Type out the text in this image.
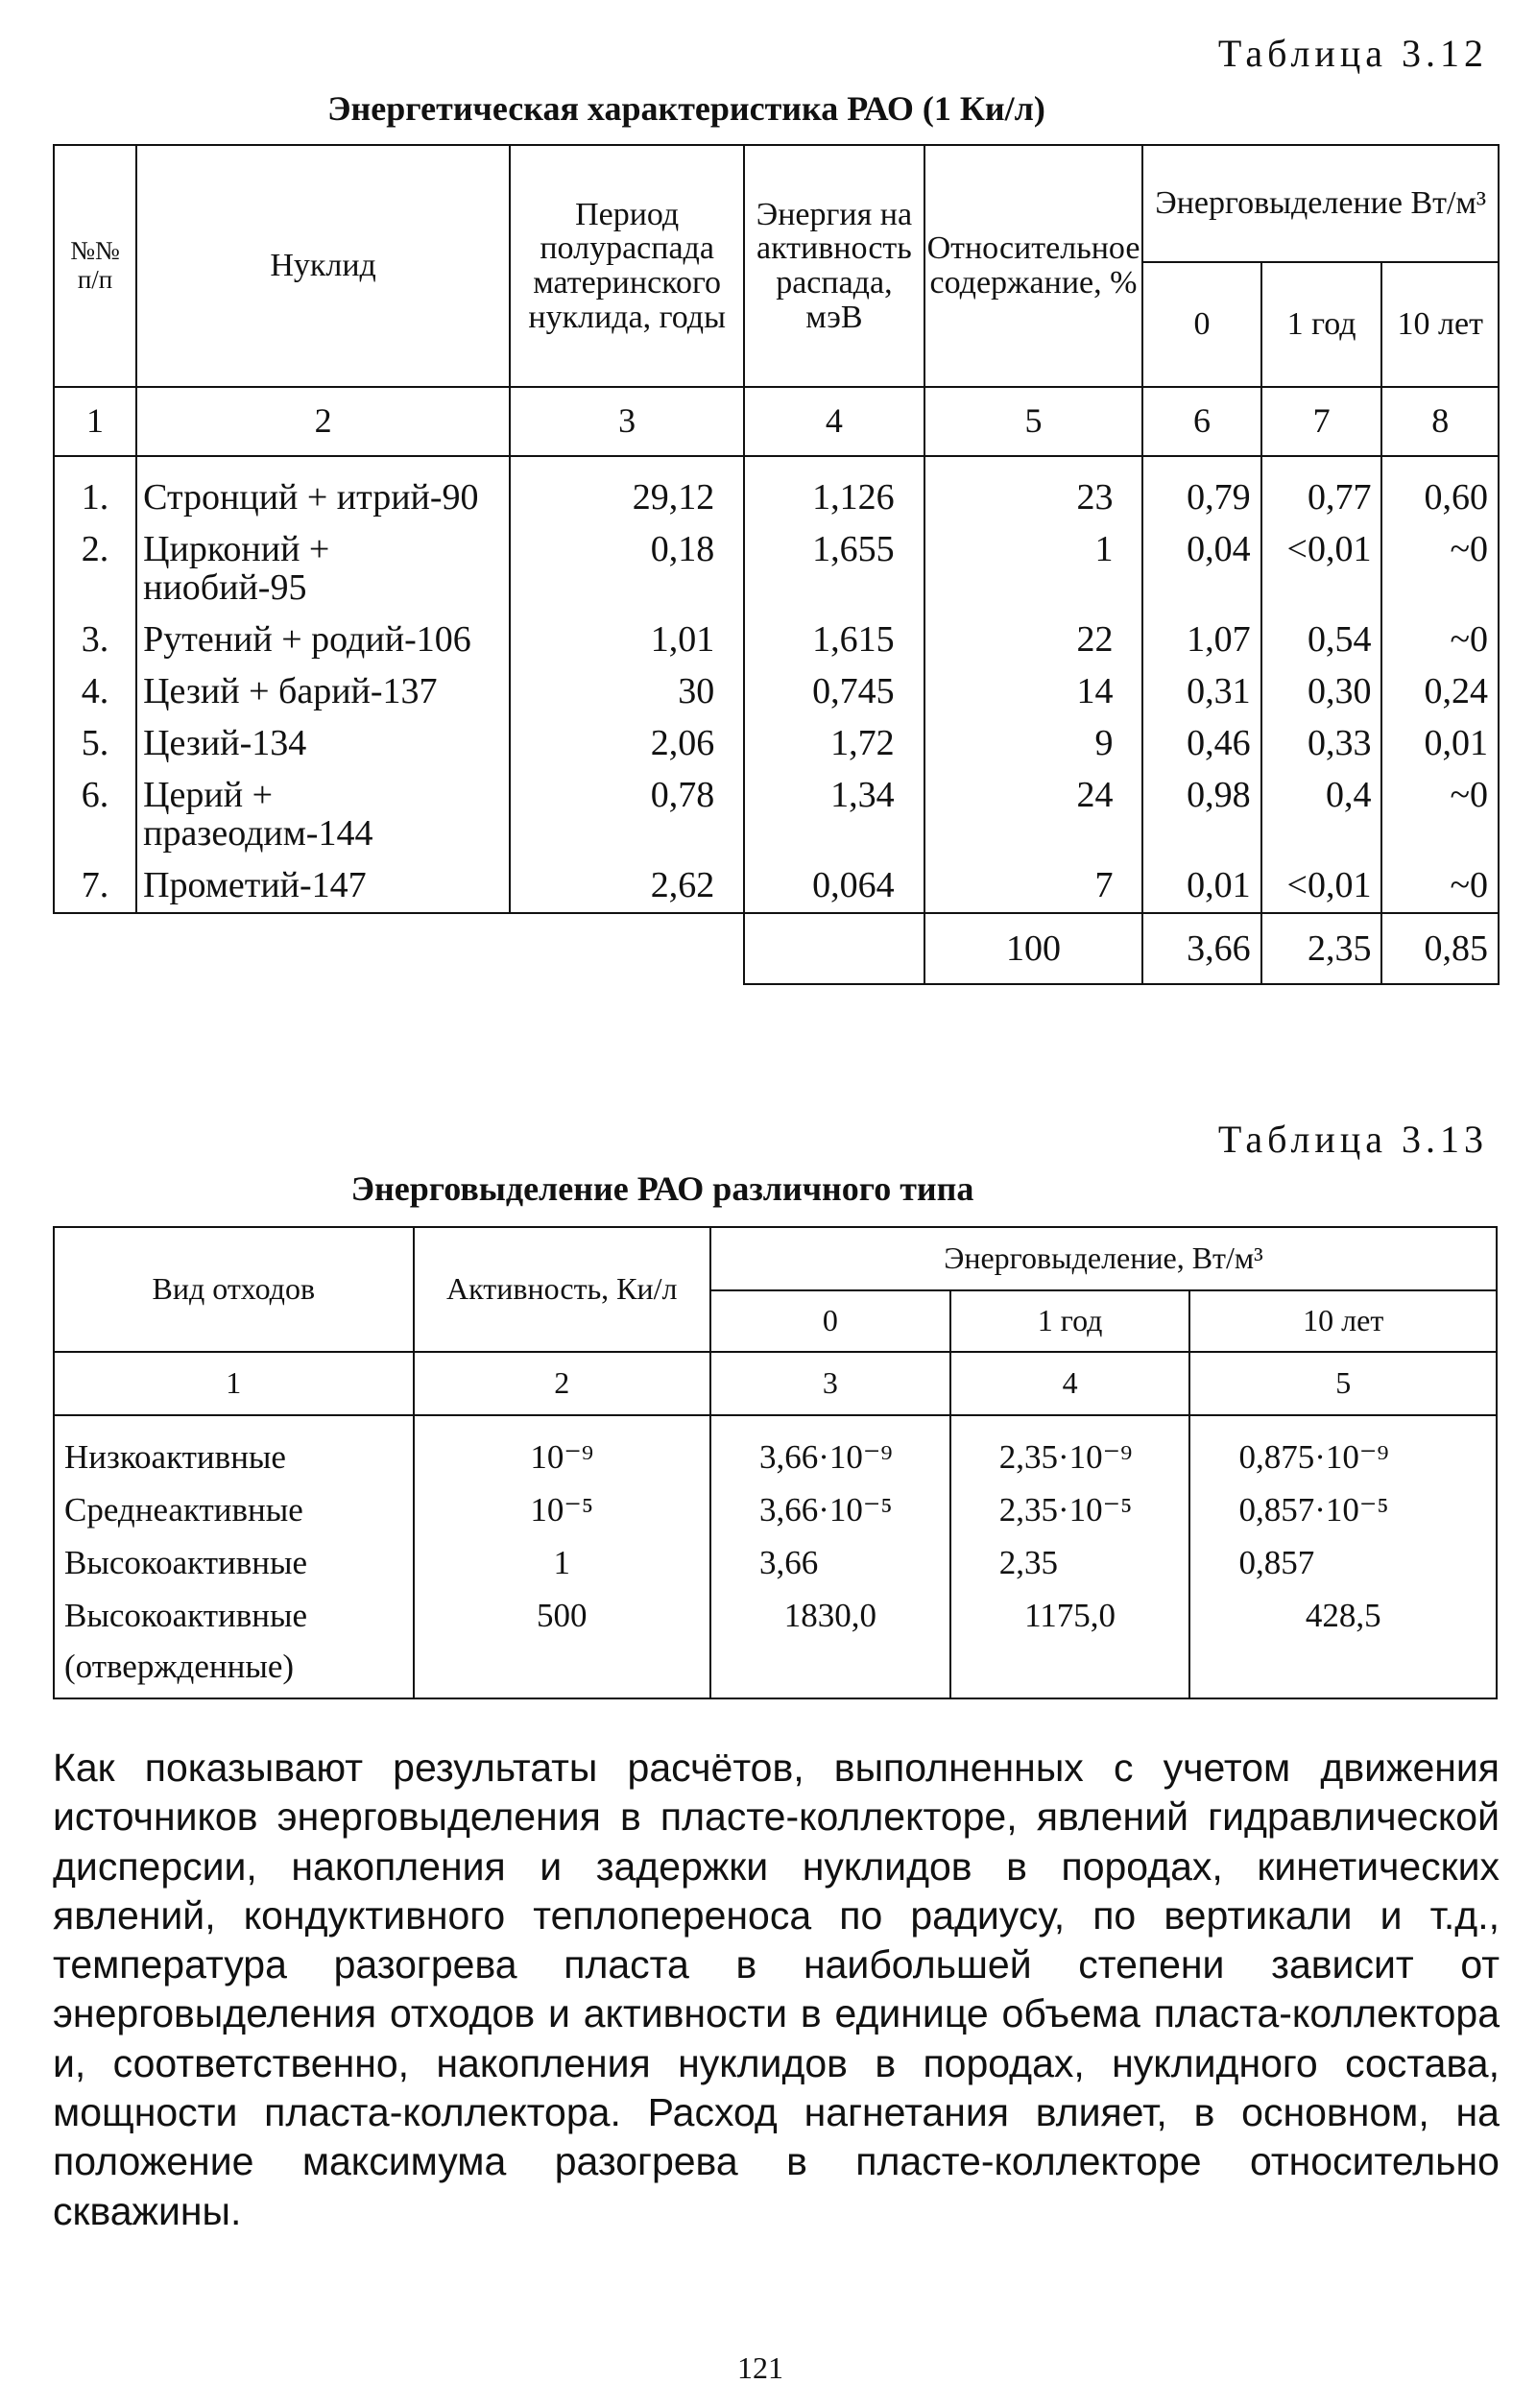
Таблица 3.12
Энергетическая характеристика РАО (1 Ки/л)
№№ п/п	Нуклид	Период полураспада материнского нуклида, годы	Энергия на активность распада, мэВ	Относительное содержание, %	Энерговыделение Вт/м³		
					0	1 год	10 лет
1	2	3	4	5	6	7	8
1.	Стронций + итрий-90	29,12	1,126	23	0,79	0,77	0,60
2.	Цирконий + ниобий-95	0,18	1,655	1	0,04	<0,01	~0
3.	Рутений + родий-106	1,01	1,615	22	1,07	0,54	~0
4.	Цезий + барий-137	30	0,745	14	0,31	0,30	0,24
5.	Цезий-134	2,06	1,72	9	0,46	0,33	0,01
6.	Церий + празеодим-144	0,78	1,34	24	0,98	0,4	~0
7.	Прометий-147	2,62	0,064	7	0,01	<0,01	~0
				100	3,66	2,35	0,85
Таблица 3.13
Энерговыделение РАО различного типа
Вид отходов	Активность, Ки/л	Энерговыделение, Вт/м³		
		0	1 год	10 лет
1	2	3	4	5
Низкоактивные	10⁻⁹	3,66·10⁻⁹	2,35·10⁻⁹	0,875·10⁻⁹
Среднеактивные	10⁻⁵	3,66·10⁻⁵	2,35·10⁻⁵	0,857·10⁻⁵
Высокоактивные	1	3,66	2,35	0,857
Высокоактивные (отвержденные)	500	1830,0	1175,0	428,5
Как показывают результаты расчётов, выполненных с учетом движения источников энерговыделения в пласте-коллекторе, явлений гидравлической дисперсии, накопления и задержки нуклидов в породах, кинетических явлений, кондуктивного теплопереноса по радиусу, по вертикали и т.д., температура разогрева пласта в наибольшей степени зависит от энерговыделения отходов и активности в единице объема пласта-коллектора и, соответственно, накопления нуклидов в породах, нуклидного состава, мощности пласта-коллектора. Расход нагнетания влияет, в основном, на положение максимума разогрева в пласте-коллекторе относительно скважины.
121
